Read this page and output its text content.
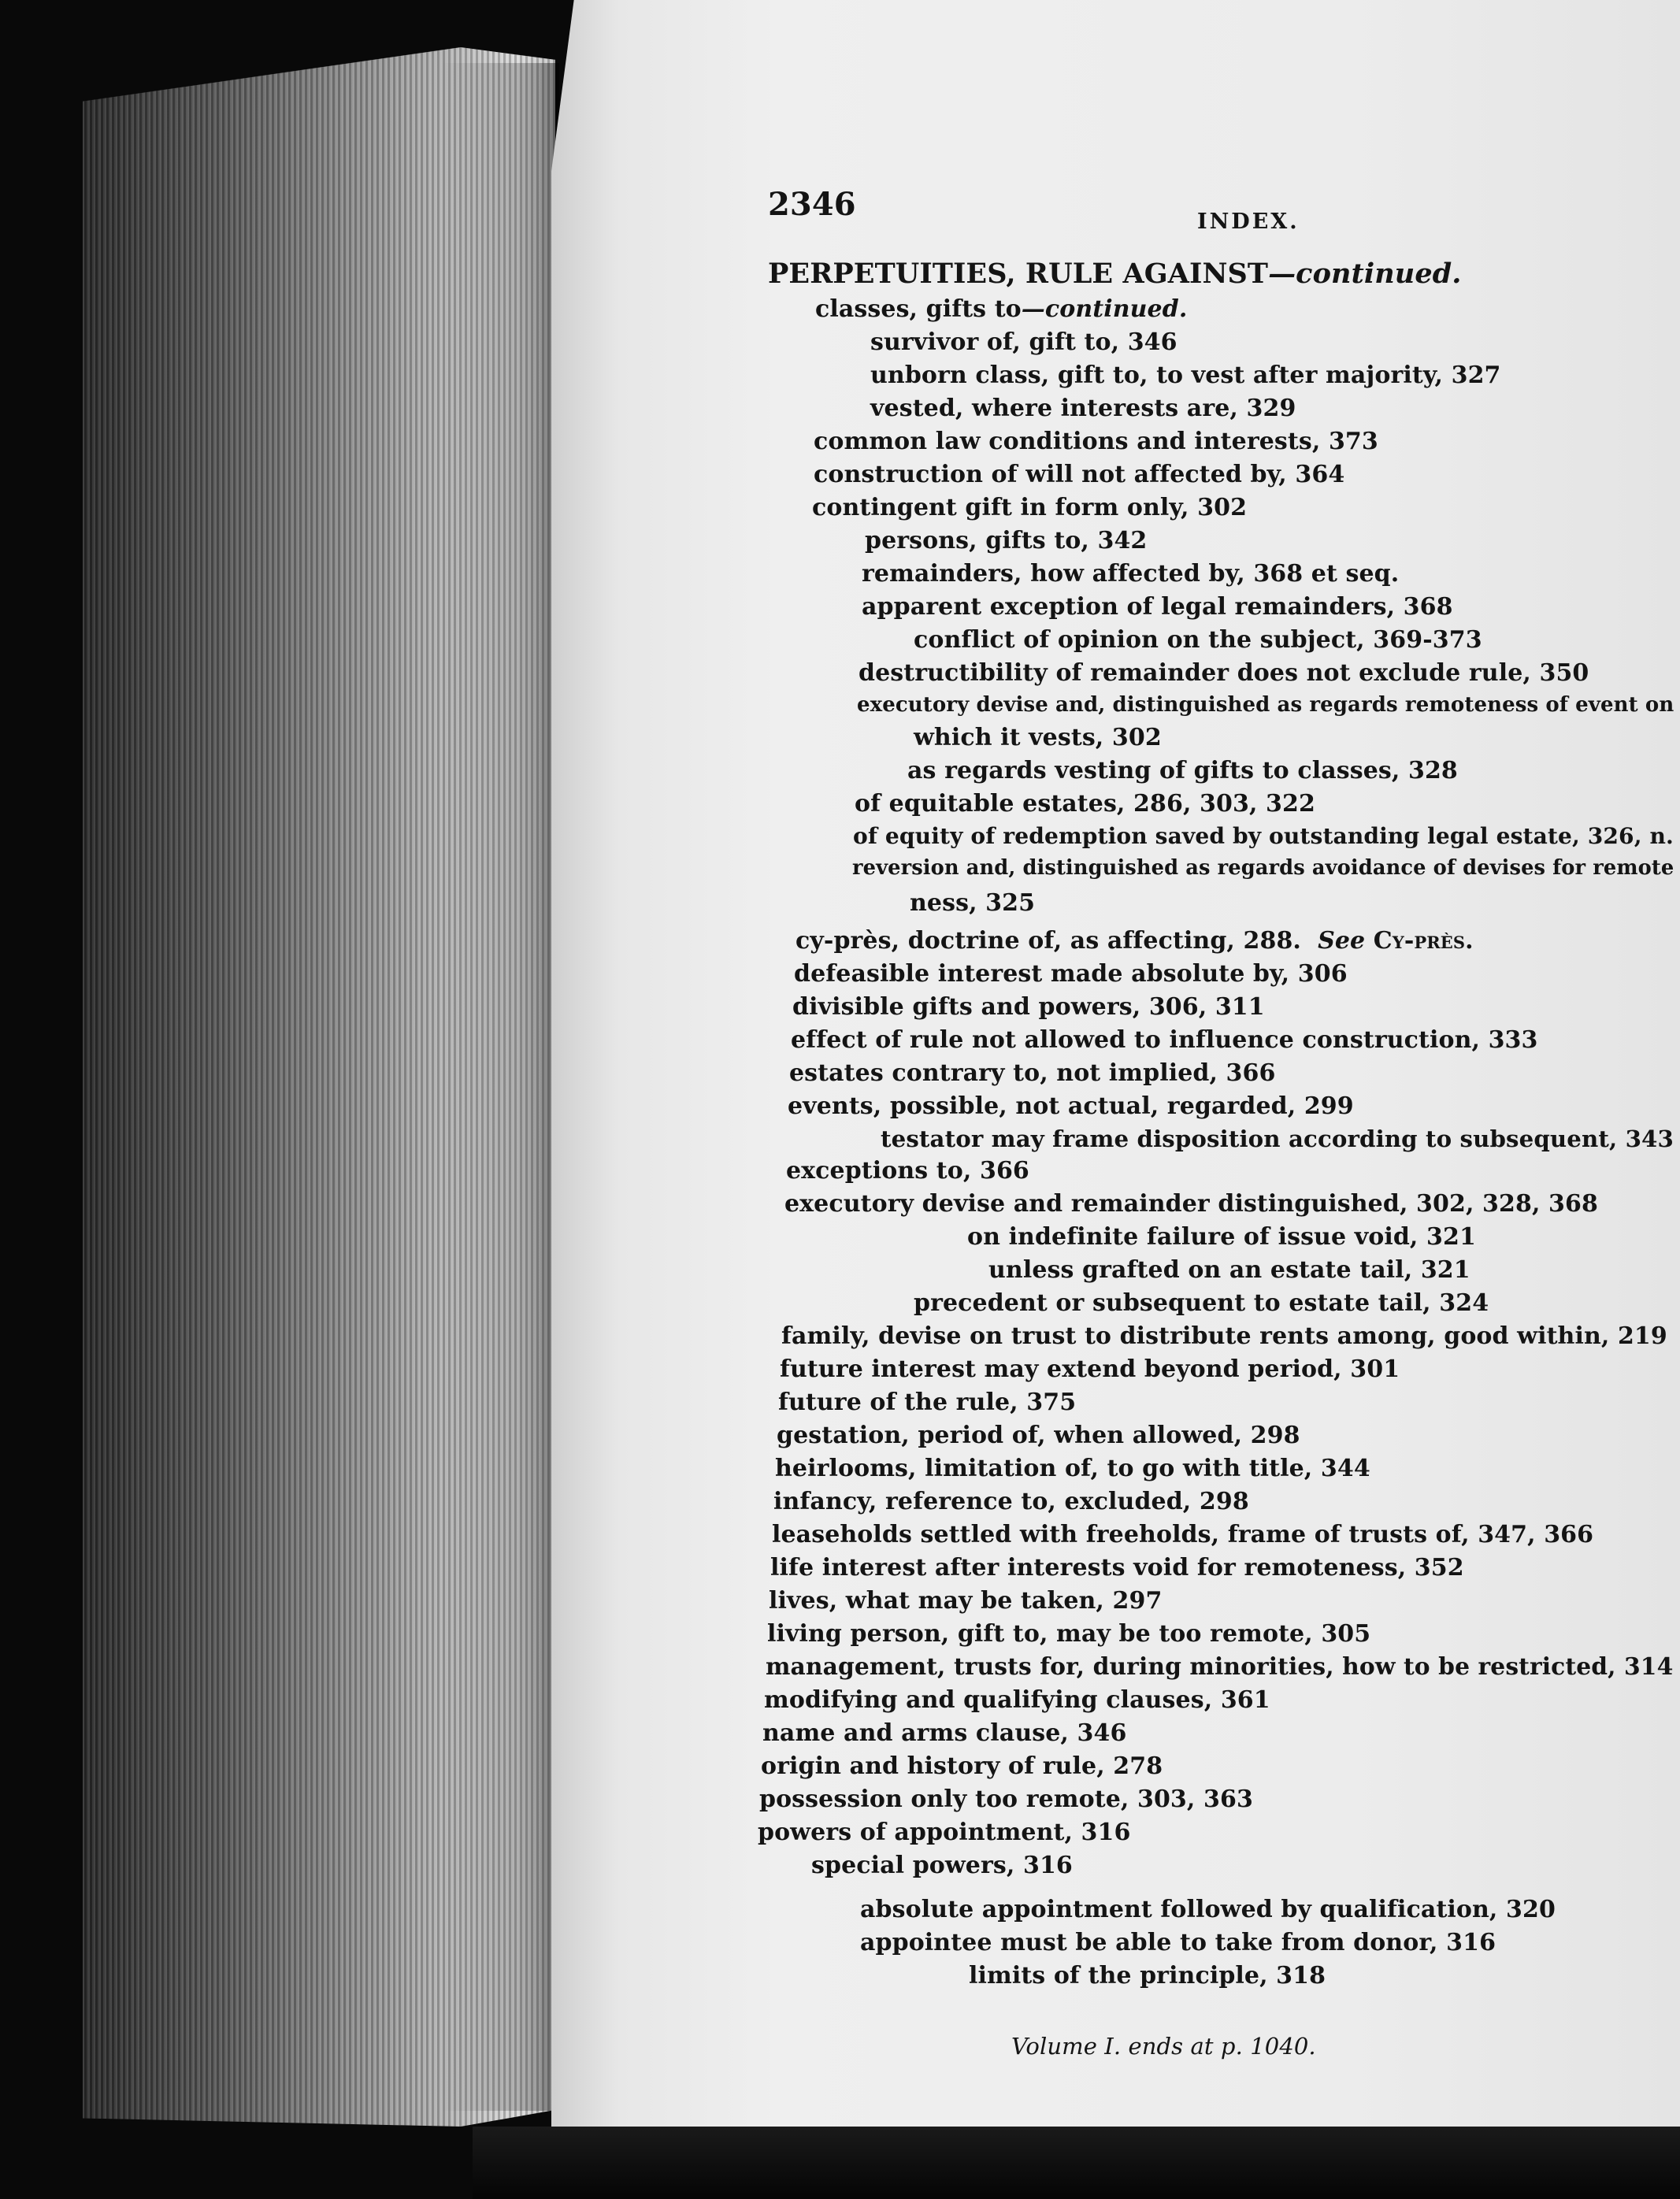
2346	INDEX.
PERPETUITIES, RULE AGAINST—continued.
classes, gifts to—continued.
survivor of, gift to, 346
unborn class, gift to, to vest after majority, 327
vested, where interests are, 329
common law conditions and interests, 373
construction of will not affected by, 364
contingent gift in form only, 302
persons, gifts to, 342
remainders, how affected by, 368 et seq.
apparent exception of legal remainders, 368
conflict of opinion on the subject, 369-373
destructibility of remainder does not exclude rule, 350
executory devise and, distinguished as regards remoteness of event on
which it vests, 302
as regards vesting of gifts to classes, 328
of equitable estates, 286, 303, 322
of equity of redemption saved by outstanding legal estate, 326, n.
reversion and, distinguished as regards avoidance of devises for remote
ness, 325
cy-près, doctrine of, as affecting, 288. See Cy-près.
defeasible interest made absolute by, 306
divisible gifts and powers, 306, 311
effect of rule not allowed to influence construction, 333
estates contrary to, not implied, 366
events, possible, not actual, regarded, 299
testator may frame disposition according to subsequent, 343
exceptions to, 366
executory devise and remainder distinguished, 302, 328, 368
on indefinite failure of issue void, 321
unless grafted on an estate tail, 321
precedent or subsequent to estate tail, 324
family, devise on trust to distribute rents among, good within, 219
future interest may extend beyond period, 301
future of the rule, 375
gestation, period of, when allowed, 298
heirlooms, limitation of, to go with title, 344
infancy, reference to, excluded, 298
leaseholds settled with freeholds, frame of trusts of, 347, 366
life interest after interests void for remoteness, 352
lives, what may be taken, 297
living person, gift to, may be too remote, 305
management, trusts for, during minorities, how to be restricted, 314
modifying and qualifying clauses, 361
name and arms clause, 346
origin and history of rule, 278
possession only too remote, 303, 363
powers of appointment, 316
special powers, 316
absolute appointment followed by qualification, 320
appointee must be able to take from donor, 316
limits of the principle, 318
Volume I. ends at p. 1040.
